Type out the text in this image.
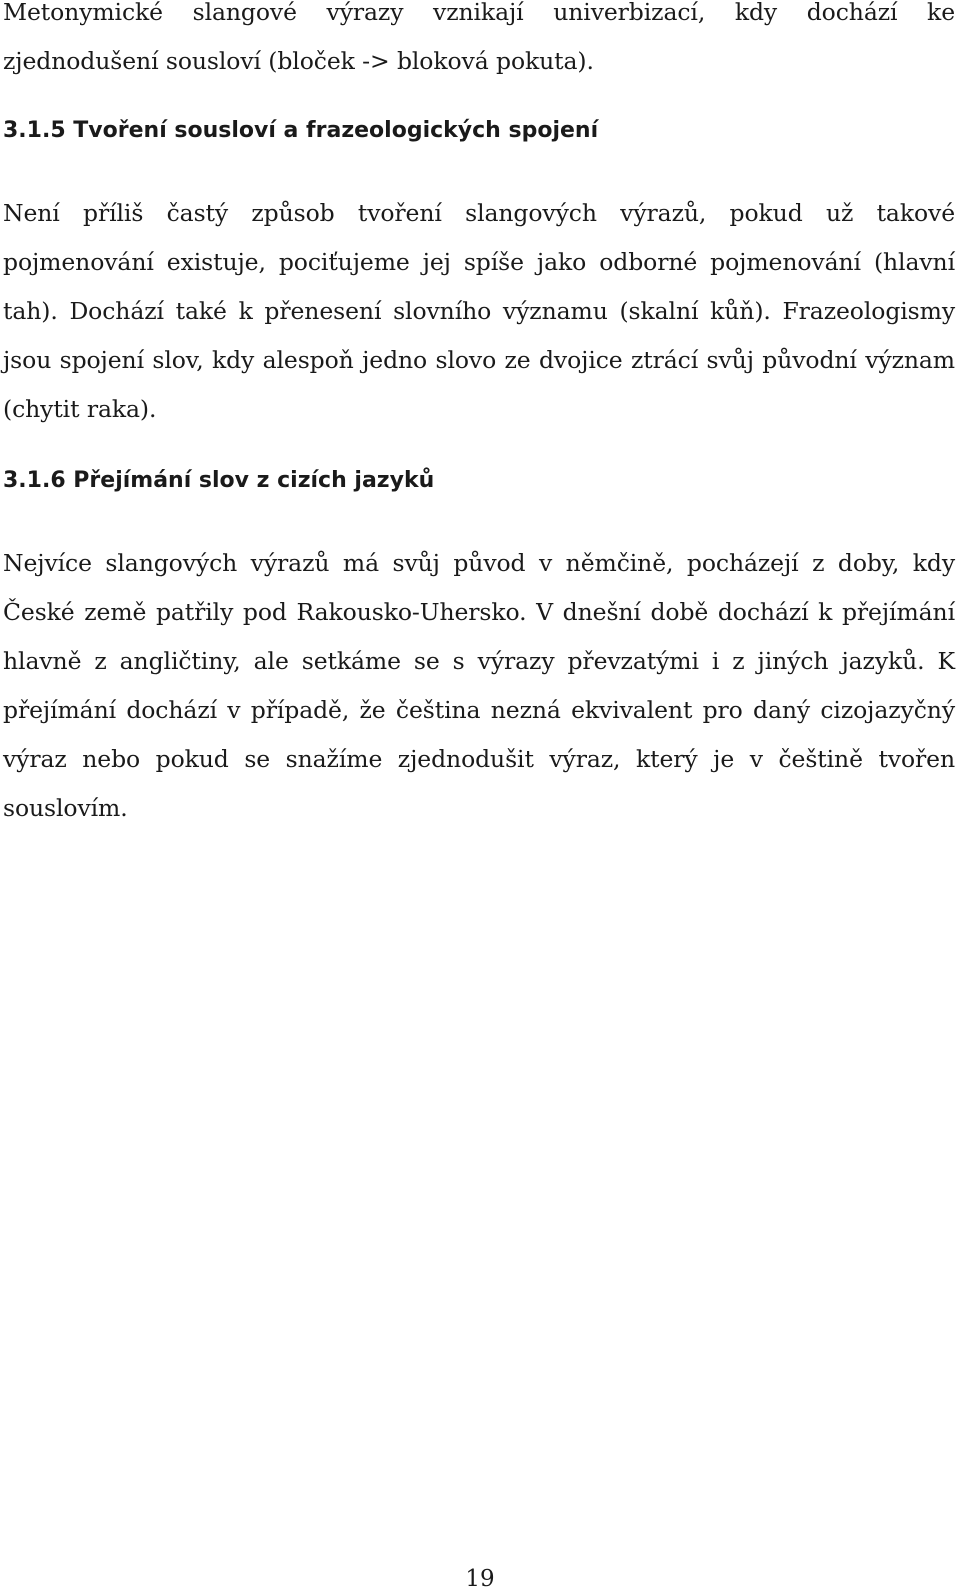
Metonymické slangové výrazy vznikají univerbizací, kdy dochází ke zjednodušení sousloví (bloček -> bloková pokuta).

3.1.5 Tvoření sousloví a frazeologických spojení

Není příliš častý způsob tvoření slangových výrazů, pokud už takové pojmenování existuje, pociťujeme jej spíše jako odborné pojmenování (hlavní tah). Dochází také k přenesení slovního významu (skalní kůň). Frazeologismy jsou spojení slov, kdy alespoň jedno slovo ze dvojice ztrácí svůj původní význam (chytit raka).

3.1.6 Přejímání slov z cizích jazyků

Nejvíce slangových výrazů má svůj původ v němčině, pocházejí z doby, kdy České země patřily pod Rakousko-Uhersko. V dnešní době dochází k přejímání hlavně z angličtiny, ale setkáme se s výrazy převzatými i z jiných jazyků. K přejímání dochází v případě, že čeština nezná ekvivalent pro daný cizojazyčný výraz nebo pokud se snažíme zjednodušit výraz, který je v češtině tvořen souslovím.

19
